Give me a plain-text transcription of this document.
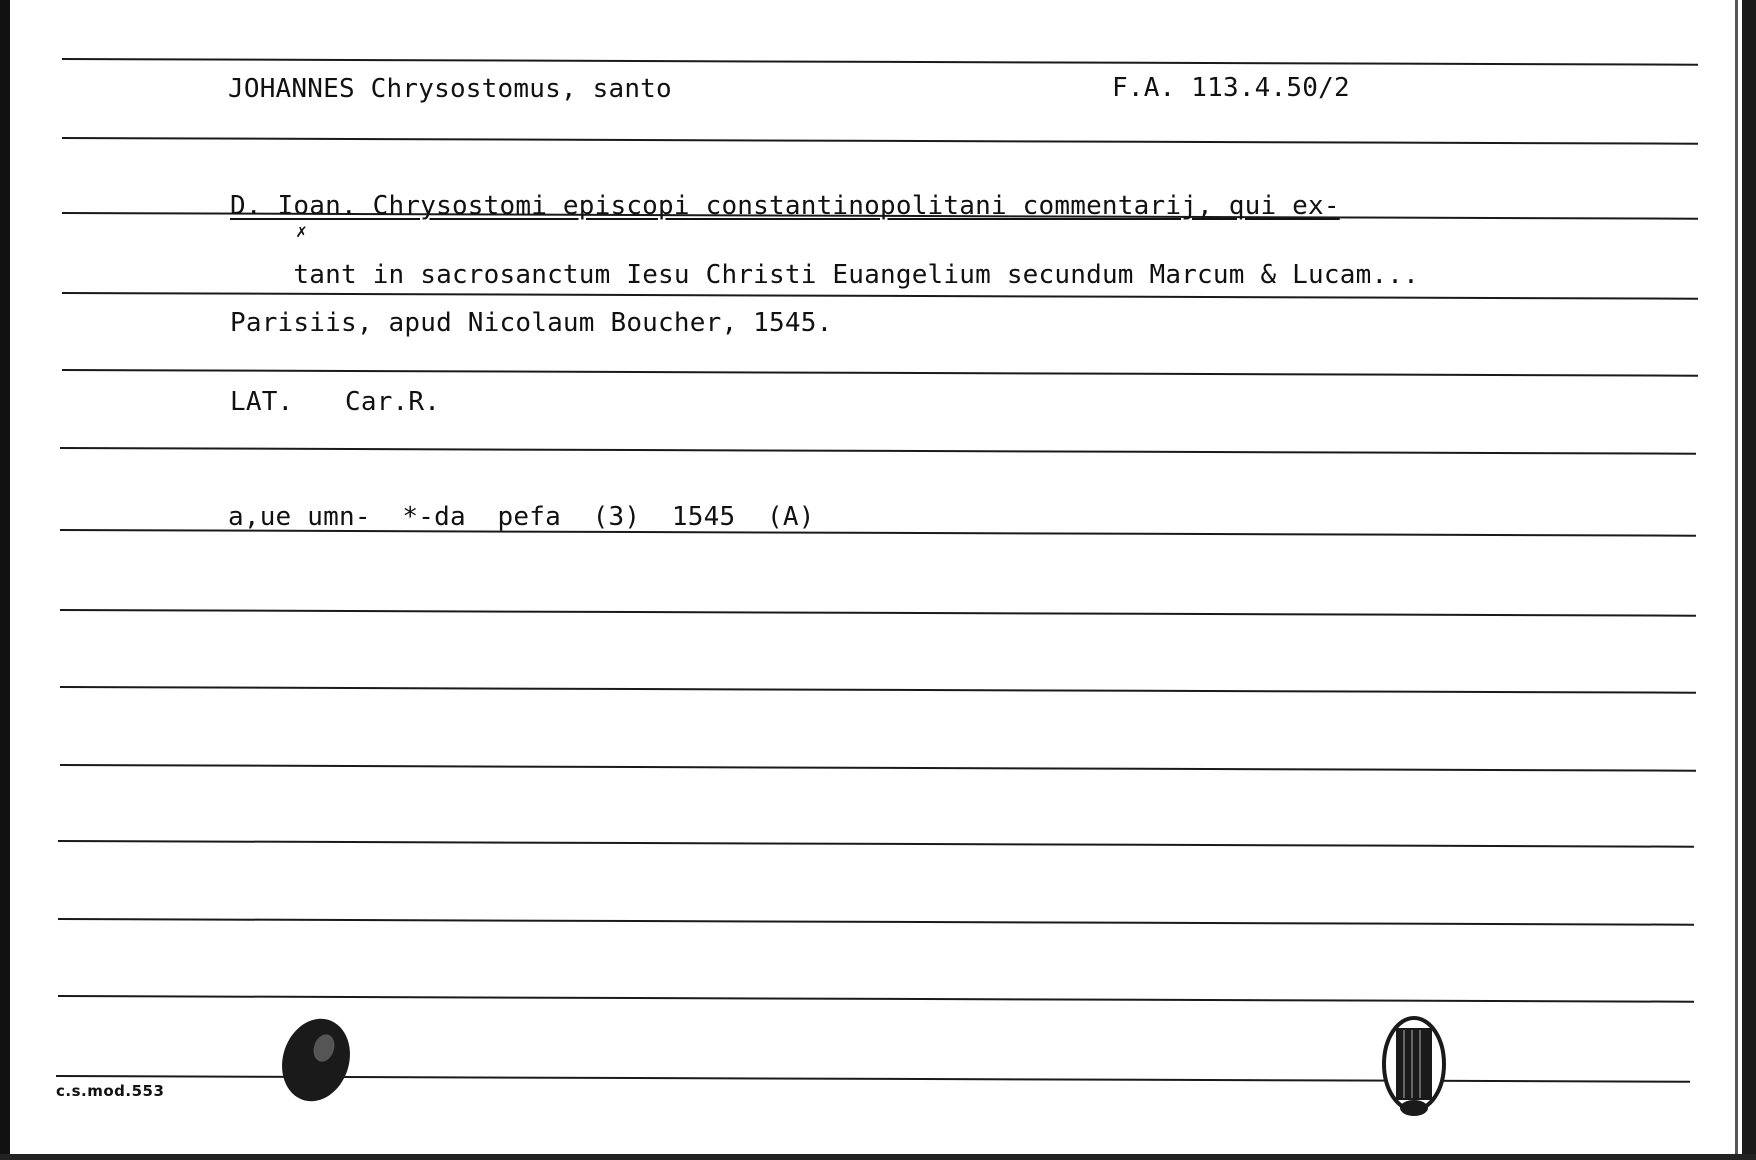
JOHANNES Chrysostomus, santo	F.A. 113.4.50/2
D. Ioan. Chrysostomi episcopi constantinopolitani commentarij, qui ex-

tant in sacrosanctum Iesu Christi Euangelium secundum Marcum & Lucam...

✗
Parisiis, apud Nicolaum Boucher, 1545.
LAT. Car.R.
a,ue umn-  *-da  pefa  (3)  1545  (A)
c.s.mod.553
